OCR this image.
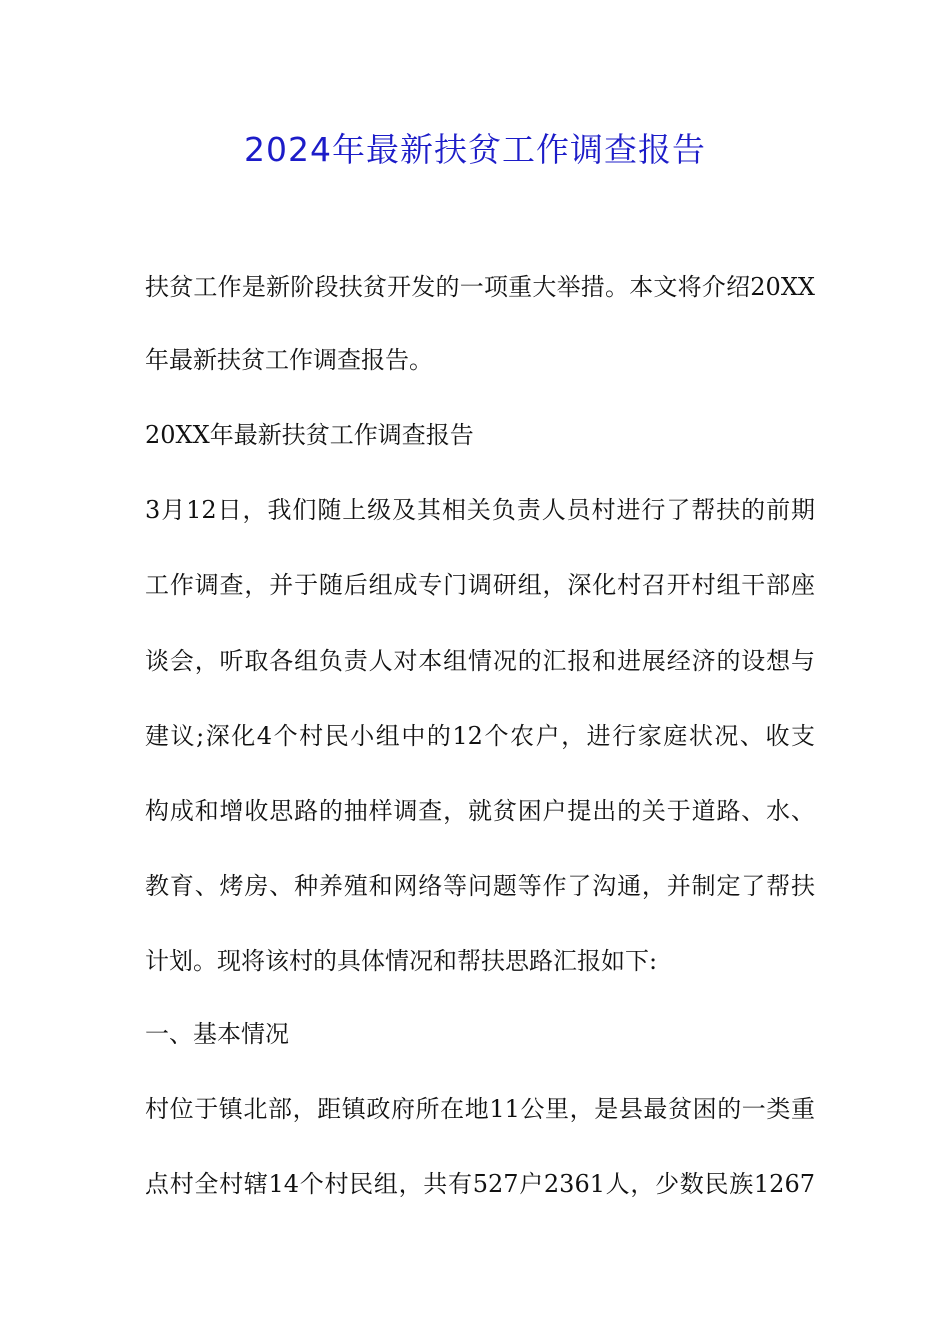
2024年最新扶贫工作调查报告
扶贫工作是新阶段扶贫开发的一项重大举措。本文将介绍20XX
年最新扶贫工作调查报告。
20XX年最新扶贫工作调查报告
3月12日，我们随上级及其相关负责人员村进行了帮扶的前期
工作调查，并于随后组成专门调研组，深化村召开村组干部座
谈会，听取各组负责人对本组情况的汇报和进展经济的设想与
建议;深化4个村民小组中的12个农户，进行家庭状况、收支
构成和增收思路的抽样调查，就贫困户提出的关于道路、水、
教育、烤房、种养殖和网络等问题等作了沟通，并制定了帮扶
计划。现将该村的具体情况和帮扶思路汇报如下:
一、基本情况
村位于镇北部，距镇政府所在地11公里，是县最贫困的一类重
点村全村辖14个村民组，共有527户2361人，少数民族1267
